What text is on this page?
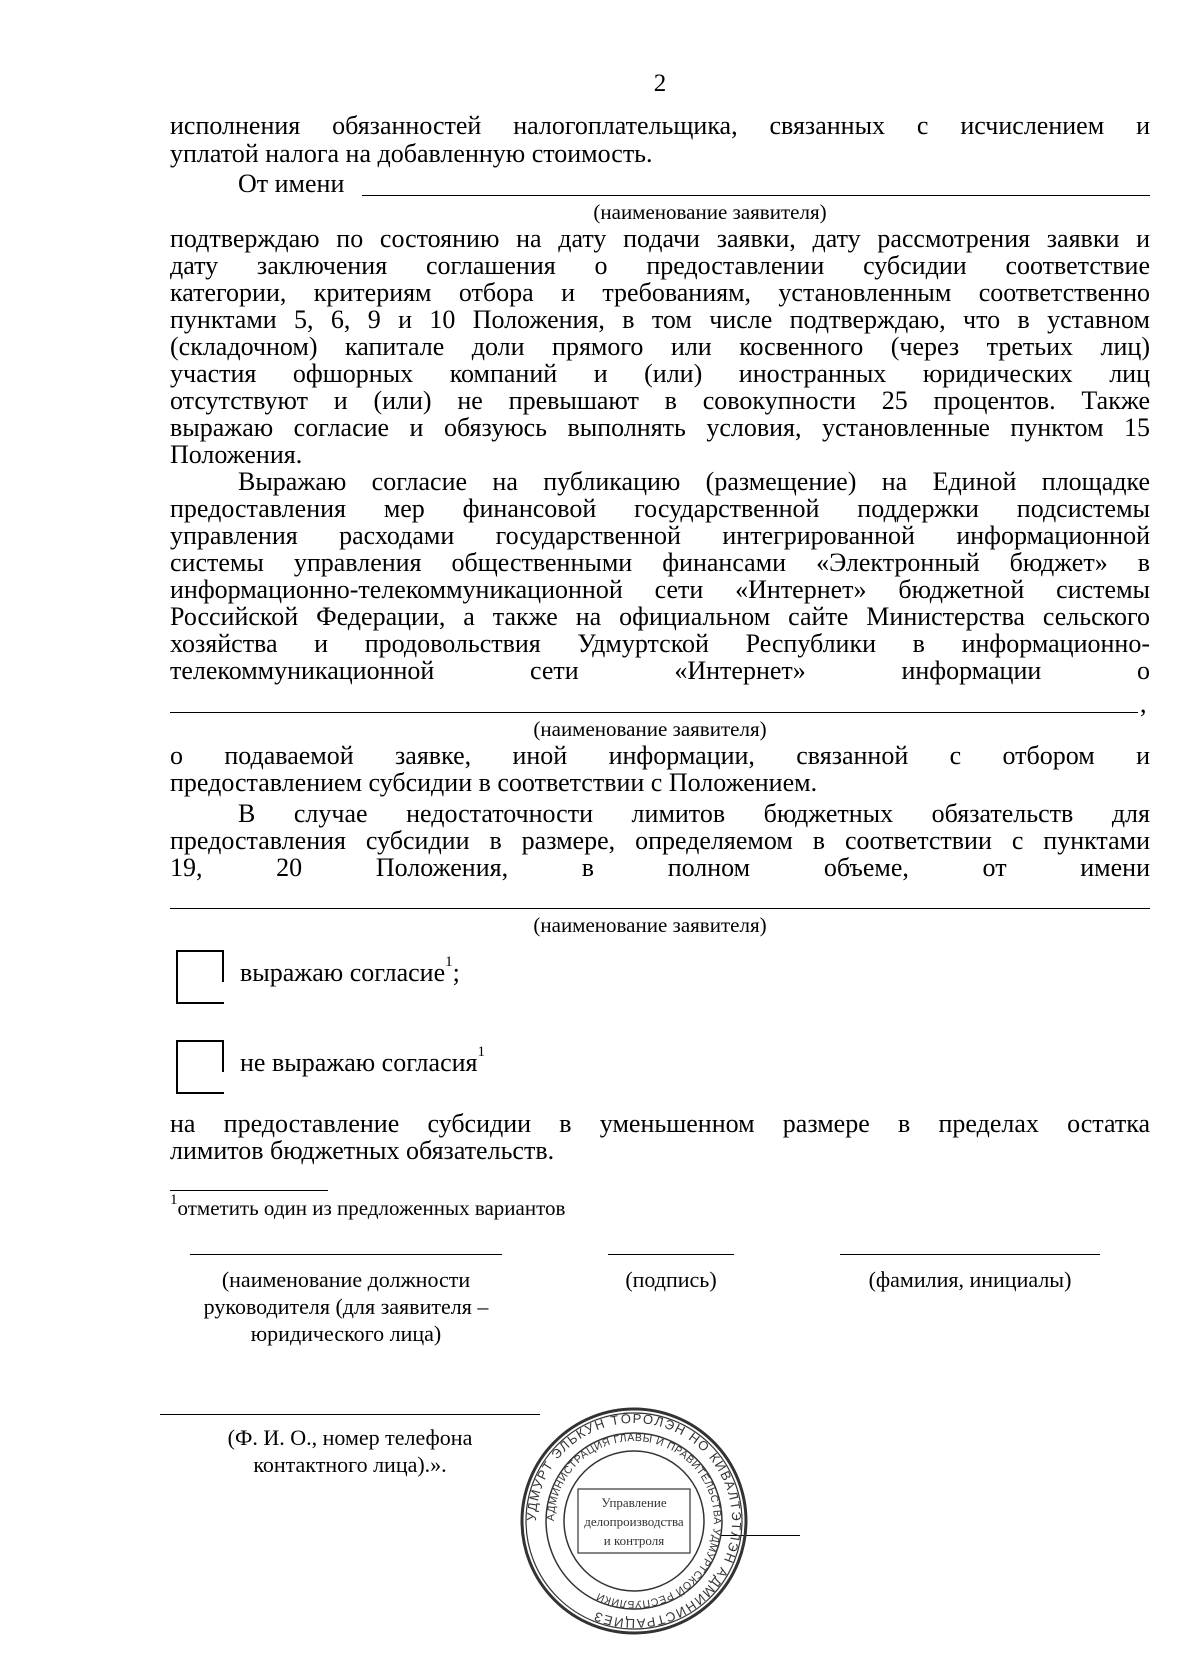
2
исполнения обязанностей налогоплательщика, связанных с исчислением и
уплатой налога на добавленную стоимость.
От имени
(наименование заявителя)
подтверждаю по состоянию на дату подачи заявки, дату рассмотрения заявки и
дату заключения соглашения о предоставлении субсидии соответствие
категории, критериям отбора и требованиям, установленным соответственно
пунктами 5, 6, 9 и 10 Положения, в том числе подтверждаю, что в уставном
(складочном) капитале доли прямого или косвенного (через третьих лиц)
участия офшорных компаний и (или) иностранных юридических лиц
отсутствуют и (или) не превышают в совокупности 25 процентов. Также
выражаю согласие и обязуюсь выполнять условия, установленные пунктом 15
Положения.
Выражаю согласие на публикацию (размещение) на Единой площадке
предоставления мер финансовой государственной поддержки подсистемы
управления расходами государственной интегрированной информационной
системы управления общественными финансами «Электронный бюджет» в
информационно-телекоммуникационной сети «Интернет» бюджетной системы
Российской Федерации, а также на официальном сайте Министерства сельского
хозяйства и продовольствия Удмуртской Республики в информационно-
телекоммуникационной сети «Интернет» информации о
,
(наименование заявителя)
о подаваемой заявке, иной информации, связанной с отбором и
предоставлением субсидии в соответствии с Положением.
В случае недостаточности лимитов бюджетных обязательств для
предоставления субсидии в размере, определяемом в соответствии с пунктами
19, 20 Положения, в полном объеме, от имени
(наименование заявителя)
выражаю согласие$^1$;
не выражаю согласия$^1$
на предоставление субсидии в уменьшенном размере в пределах остатка
лимитов бюджетных обязательств.
$^1$отметить один из предложенных вариантов
(наименование должности
руководителя (для заявителя –
юридического лица)
(подпись)	(фамилия, инициалы)
(Ф. И. О., номер телефона
контактного лица).».
УДМУРТ ЭЛЬКУН ТӦРОЛЭН НО КИВАЛТЭТЛЭН АДМИНИСТРАЦИЕЗ
АДМИНИСТРАЦИЯ ГЛАВЫ И ПРАВИТЕЛЬСТВА УДМУРТСКОЙ РЕСПУБЛИКИ
Управление
делопроизводства
и контроля
